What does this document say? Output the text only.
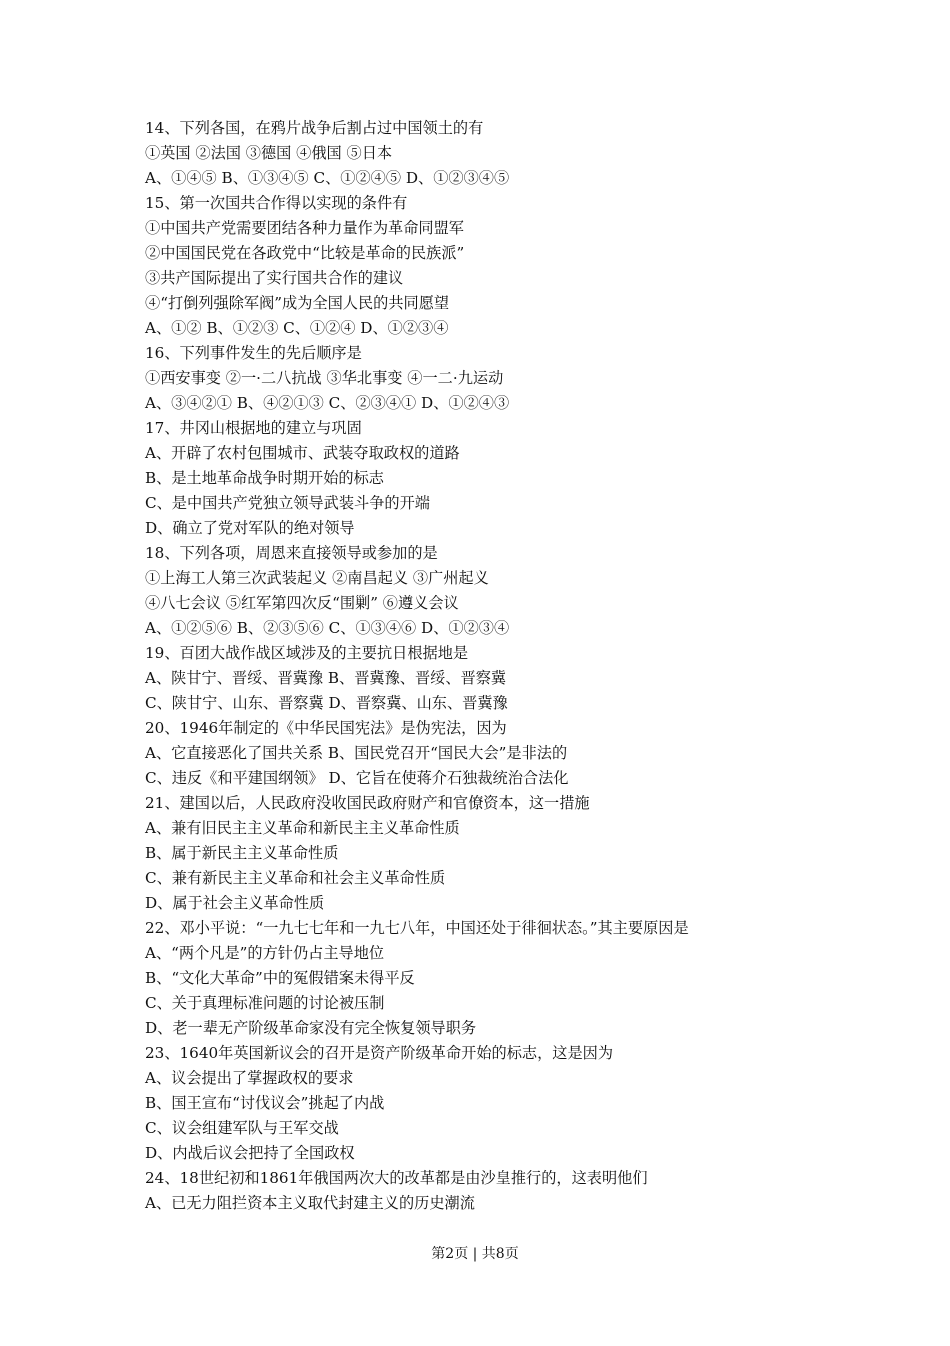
14、下列各国，在鸦片战争后割占过中国领土的有
①英国 ②法国 ③德国 ④俄国 ⑤日本
A、①④⑤ B、①③④⑤ C、①②④⑤ D、①②③④⑤
15、第一次国共合作得以实现的条件有
①中国共产党需要团结各种力量作为革命同盟军
②中国国民党在各政党中“比较是革命的民族派”
③共产国际提出了实行国共合作的建议
④“打倒列强除军阀”成为全国人民的共同愿望
A、①② B、①②③ C、①②④ D、①②③④
16、下列事件发生的先后顺序是
①西安事变 ②一·二八抗战 ③华北事变 ④一二·九运动
A、③④②① B、④②①③ C、②③④① D、①②④③
17、井冈山根据地的建立与巩固
A、开辟了农村包围城市、武装夺取政权的道路
B、是土地革命战争时期开始的标志
C、是中国共产党独立领导武装斗争的开端
D、确立了党对军队的绝对领导
18、下列各项，周恩来直接领导或参加的是
①上海工人第三次武装起义 ②南昌起义 ③广州起义
④八七会议 ⑤红军第四次反“围剿” ⑥遵义会议
A、①②⑤⑥ B、②③⑤⑥ C、①③④⑥ D、①②③④
19、百团大战作战区域涉及的主要抗日根据地是
A、陕甘宁、晋绥、晋冀豫 B、晋冀豫、晋绥、晋察冀
C、陕甘宁、山东、晋察冀 D、晋察冀、山东、晋冀豫
20、1946年制定的《中华民国宪法》是伪宪法，因为
A、它直接恶化了国共关系 B、国民党召开“国民大会”是非法的
C、违反《和平建国纲领》 D、它旨在使蒋介石独裁统治合法化
21、建国以后，人民政府没收国民政府财产和官僚资本，这一措施
A、兼有旧民主主义革命和新民主主义革命性质
B、属于新民主主义革命性质
C、兼有新民主主义革命和社会主义革命性质
D、属于社会主义革命性质
22、邓小平说：“一九七七年和一九七八年，中国还处于徘徊状态。”其主要原因是
A、“两个凡是”的方针仍占主导地位
B、“文化大革命”中的冤假错案未得平反
C、关于真理标准问题的讨论被压制
D、老一辈无产阶级革命家没有完全恢复领导职务
23、1640年英国新议会的召开是资产阶级革命开始的标志，这是因为
A、议会提出了掌握政权的要求
B、国王宣布“讨伐议会”挑起了内战
C、议会组建军队与王军交战
D、内战后议会把持了全国政权
24、18世纪初和1861年俄国两次大的改革都是由沙皇推行的，这表明他们
A、已无力阻拦资本主义取代封建主义的历史潮流
第2页 | 共8页
